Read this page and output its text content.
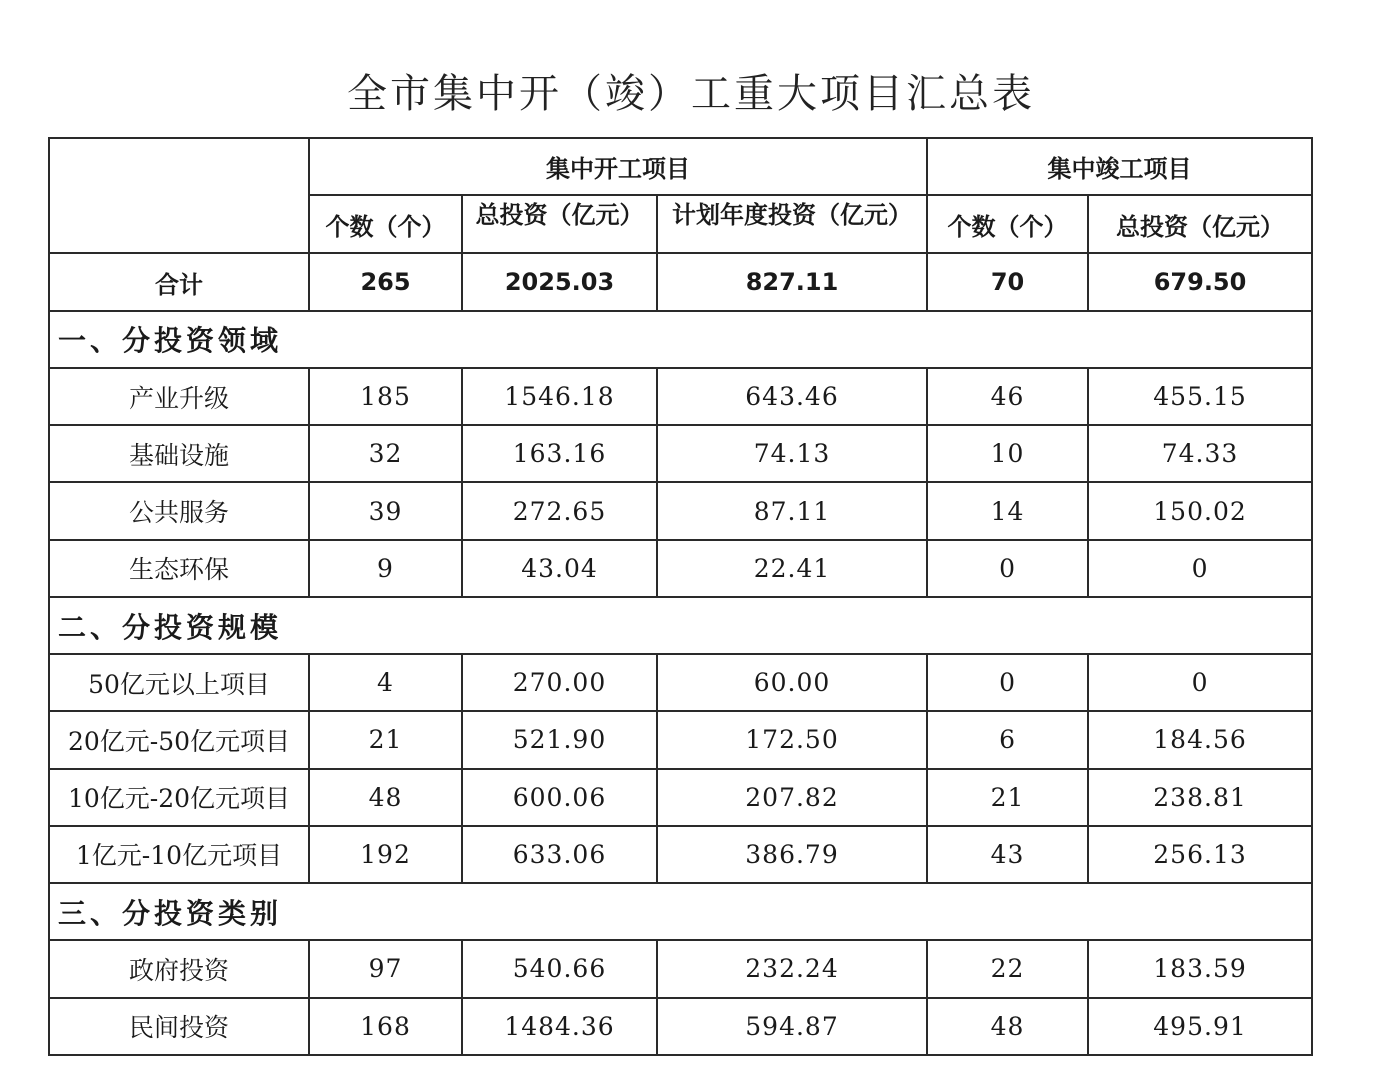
全市集中开（竣）工重大项目汇总表
	集中开工项目			集中竣工项目	
	个数（个）	总投资（亿元）	计划年度投资（亿元）	个数（个）	总投资（亿元）
合计	265	2025.03	827.11	70	679.50
一、分投资领域					
产业升级	185	1546.18	643.46	46	455.15
基础设施	32	163.16	74.13	10	74.33
公共服务	39	272.65	87.11	14	150.02
生态环保	9	43.04	22.41	0	0
二、分投资规模					
50亿元以上项目	4	270.00	60.00	0	0
20亿元-50亿元项目	21	521.90	172.50	6	184.56
10亿元-20亿元项目	48	600.06	207.82	21	238.81
1亿元-10亿元项目	192	633.06	386.79	43	256.13
三、分投资类别					
政府投资	97	540.66	232.24	22	183.59
民间投资	168	1484.36	594.87	48	495.91
